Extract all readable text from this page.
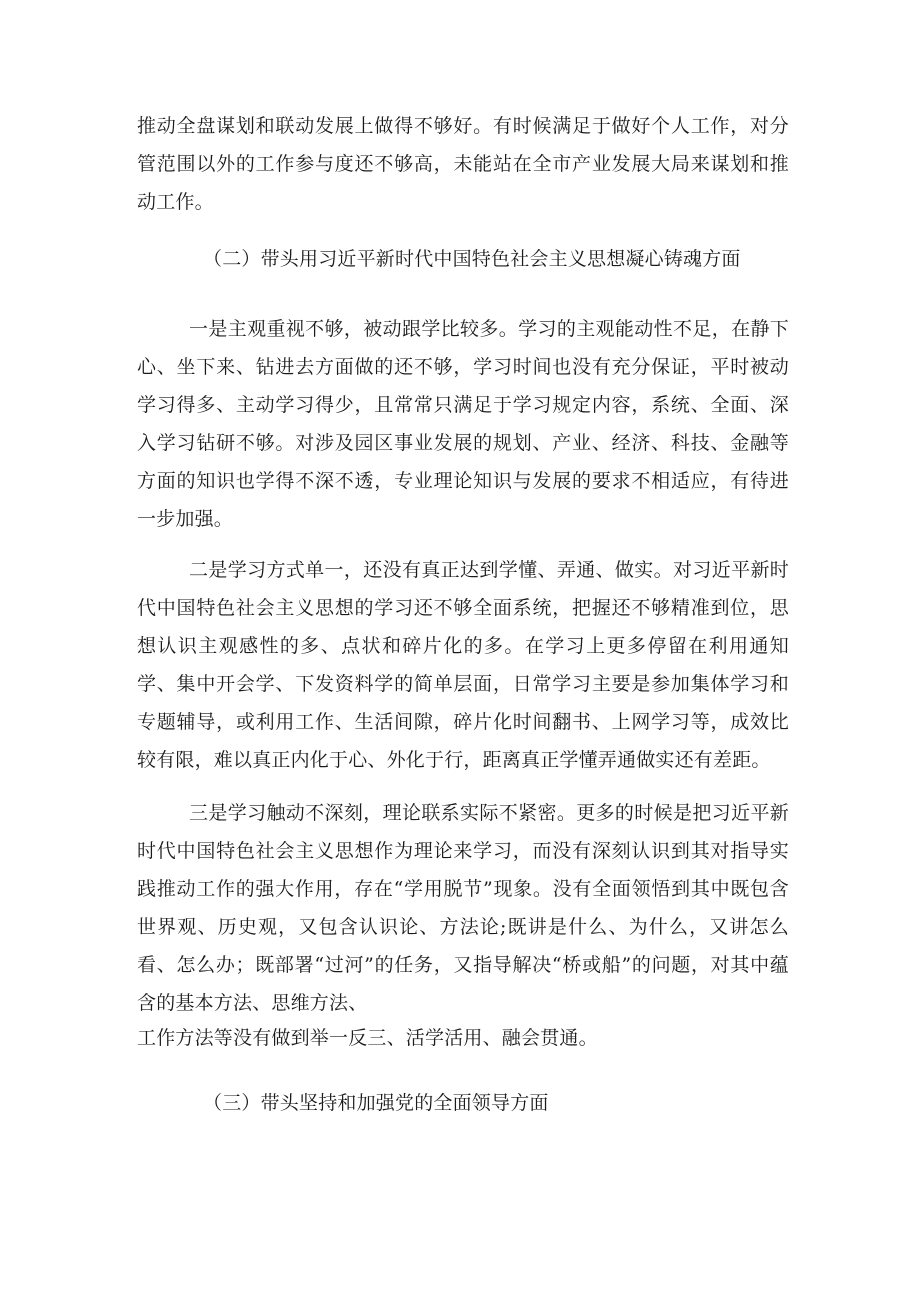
推动全盘谋划和联动发展上做得不够好。有时候满足于做好个人工作，对分管范围以外的工作参与度还不够高，未能站在全市产业发展大局来谋划和推动工作。

（二）带头用习近平新时代中国特色社会主义思想凝心铸魂方面

一是主观重视不够，被动跟学比较多。学习的主观能动性不足，在静下心、坐下来、钻进去方面做的还不够，学习时间也没有充分保证，平时被动学习得多、主动学习得少，且常常只满足于学习规定内容，系统、全面、深入学习钻研不够。对涉及园区事业发展的规划、产业、经济、科技、金融等方面的知识也学得不深不透，专业理论知识与发展的要求不相适应，有待进一步加强。

二是学习方式单一，还没有真正达到学懂、弄通、做实。对习近平新时代中国特色社会主义思想的学习还不够全面系统，把握还不够精准到位，思想认识主观感性的多、点状和碎片化的多。在学习上更多停留在利用通知学、集中开会学、下发资料学的简单层面，日常学习主要是参加集体学习和专题辅导，或利用工作、生活间隙，碎片化时间翻书、上网学习等，成效比较有限，难以真正内化于心、外化于行，距离真正学懂弄通做实还有差距。

三是学习触动不深刻，理论联系实际不紧密。更多的时候是把习近平新时代中国特色社会主义思想作为理论来学习，而没有深刻认识到其对指导实践推动工作的强大作用，存在“学用脱节”现象。没有全面领悟到其中既包含世界观、历史观，又包含认识论、方法论;既讲是什么、为什么，又讲怎么看、怎么办；既部署“过河”的任务，又指导解决“桥或船”的问题，对其中蕴含的基本方法、思维方法、

工作方法等没有做到举一反三、活学活用、融会贯通。

（三）带头坚持和加强党的全面领导方面
